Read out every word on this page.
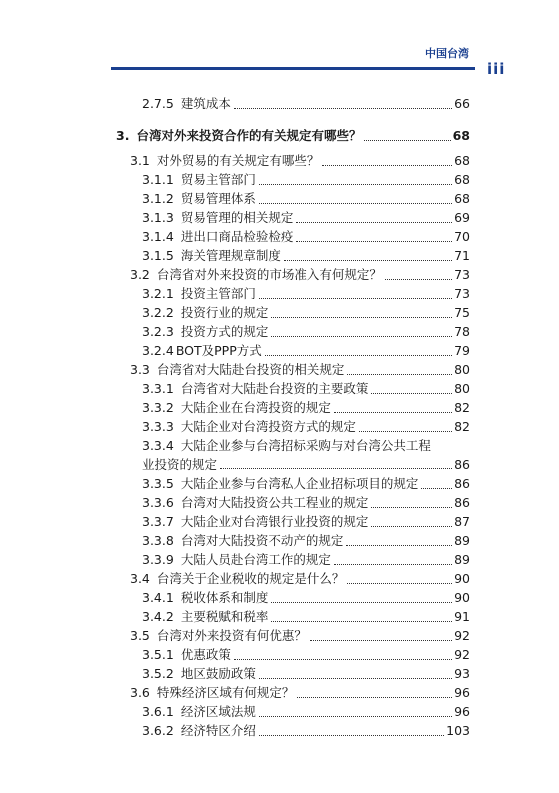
中国台湾
iii
2.7.5 建筑成本	66
3. 台湾对外来投资合作的有关规定有哪些？	68
3.1 对外贸易的有关规定有哪些？	68
3.1.1 贸易主管部门	68
3.1.2 贸易管理体系	68
3.1.3 贸易管理的相关规定	69
3.1.4 进出口商品检验检疫	70
3.1.5 海关管理规章制度	71
3.2 台湾省对外来投资的市场准入有何规定？	73
3.2.1 投资主管部门	73
3.2.2 投资行业的规定	75
3.2.3 投资方式的规定	78
3.2.4 BOT及PPP方式	79
3.3 台湾省对大陆赴台投资的相关规定	80
3.3.1 台湾省对大陆赴台投资的主要政策	80
3.3.2 大陆企业在台湾投资的规定	82
3.3.3 大陆企业对台湾投资方式的规定	82
3.3.4 大陆企业参与台湾招标采购与对台湾公共工程
业投资的规定	86
3.3.5 大陆企业参与台湾私人企业招标项目的规定	86
3.3.6 台湾对大陆投资公共工程业的规定	86
3.3.7 大陆企业对台湾银行业投资的规定	87
3.3.8 台湾对大陆投资不动产的规定	89
3.3.9 大陆人员赴台湾工作的规定	89
3.4 台湾关于企业税收的规定是什么？	90
3.4.1 税收体系和制度	90
3.4.2 主要税赋和税率	91
3.5 台湾对外来投资有何优惠？	92
3.5.1 优惠政策	92
3.5.2 地区鼓励政策	93
3.6 特殊经济区域有何规定？	96
3.6.1 经济区域法规	96
3.6.2 经济特区介绍	103
